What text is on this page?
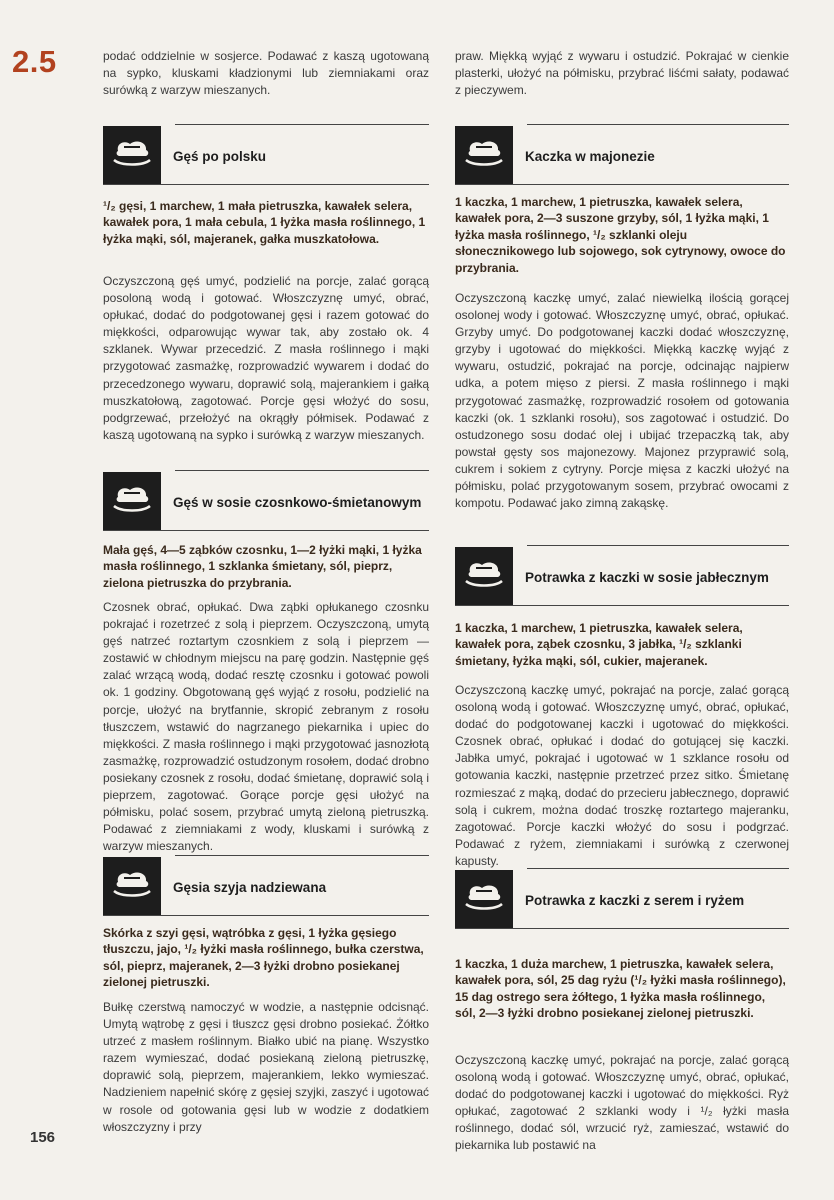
2.5
156

podać oddzielnie w sosjerce. Podawać z kaszą ugotowaną na sypko, kluskami kładzionymi lub ziemniakami oraz surówką z warzyw mieszanych.

Gęś po polsku

¹/₂ gęsi, 1 marchew, 1 mała pietruszka, kawałek selera, kawałek pora, 1 mała cebula, 1 łyżka masła roślinnego, 1 łyżka mąki, sól, majeranek, gałka muszkatołowa.

Oczyszczoną gęś umyć, podzielić na porcje, zalać gorącą posoloną wodą i gotować. Włoszczyznę umyć, obrać, opłukać, dodać do podgotowanej gęsi i razem gotować do miękkości, odparowując wywar tak, aby zostało ok. 4 szklanek. Wywar przecedzić. Z masła roślinnego i mąki przygotować zasmażkę, rozprowadzić wywarem i dodać do przecedzonego wywaru, doprawić solą, majerankiem i gałką muszkatołową, zagotować. Porcje gęsi włożyć do sosu, podgrzewać, przełożyć na okrągły półmisek. Podawać z kaszą ugotowaną na sypko i surówką z warzyw mieszanych.

Gęś w sosie czosnkowo-śmietanowym

Mała gęś, 4—5 ząbków czosnku, 1—2 łyżki mąki, 1 łyżka masła roślinnego, 1 szklanka śmietany, sól, pieprz, zielona pietruszka do przybrania.

Czosnek obrać, opłukać. Dwa ząbki opłukanego czosnku pokrajać i rozetrzeć z solą i pieprzem. Oczyszczoną, umytą gęś natrzeć roztartym czosnkiem z solą i pieprzem — zostawić w chłodnym miejscu na parę godzin. Następnie gęś zalać wrzącą wodą, dodać resztę czosnku i gotować powoli ok. 1 godziny. Obgotowaną gęś wyjąć z rosołu, podzielić na porcje, ułożyć na brytfannie, skropić zebranym z rosołu tłuszczem, wstawić do nagrzanego piekarnika i upiec do miękkości. Z masła roślinnego i mąki przygotować jasnozłotą zasmażkę, rozprowadzić ostudzonym rosołem, dodać drobno posiekany czosnek z rosołu, dodać śmietanę, doprawić solą i pieprzem, zagotować. Gorące porcje gęsi ułożyć na półmisku, polać sosem, przybrać umytą zieloną pietruszką. Podawać z ziemniakami z wody, kluskami i surówką z warzyw mieszanych.

Gęsia szyja nadziewana

Skórka z szyi gęsi, wątróbka z gęsi, 1 łyżka gęsiego tłuszczu, jajo, ¹/₂ łyżki masła roślinnego, bułka czerstwa, sól, pieprz, majeranek, 2—3 łyżki drobno posiekanej zielonej pietruszki.

Bułkę czerstwą namoczyć w wodzie, a następnie odcisnąć. Umytą wątrobę z gęsi i tłuszcz gęsi drobno posiekać. Żółtko utrzeć z masłem roślinnym. Białko ubić na pianę. Wszystko razem wymieszać, dodać posiekaną zieloną pietruszkę, doprawić solą, pieprzem, majerankiem, lekko wymieszać. Nadzieniem napełnić skórę z gęsiej szyjki, zaszyć i ugotować w rosole od gotowania gęsi lub w wodzie z dodatkiem włoszczyzny i przy

praw. Miękką wyjąć z wywaru i ostudzić. Pokrajać w cienkie plasterki, ułożyć na półmisku, przybrać liśćmi sałaty, podawać z pieczywem.

Kaczka w majonezie

1 kaczka, 1 marchew, 1 pietruszka, kawałek selera, kawałek pora, 2—3 suszone grzyby, sól, 1 łyżka mąki, 1 łyżka masła roślinnego, ¹/₂ szklanki oleju słonecznikowego lub sojowego, sok cytrynowy, owoce do przybrania.

Oczyszczoną kaczkę umyć, zalać niewielką ilością gorącej osolonej wody i gotować. Włoszczyznę umyć, obrać, opłukać. Grzyby umyć. Do podgotowanej kaczki dodać włoszczyznę, grzyby i ugotować do miękkości. Miękką kaczkę wyjąć z wywaru, ostudzić, pokrajać na porcje, odcinając najpierw udka, a potem mięso z piersi. Z masła roślinnego i mąki przygotować zasmażkę, rozprowadzić rosołem od gotowania kaczki (ok. 1 szklanki rosołu), sos zagotować i ostudzić. Do ostudzonego sosu dodać olej i ubijać trzepaczką tak, aby powstał gęsty sos majonezowy. Majonez przyprawić solą, cukrem i sokiem z cytryny. Porcje mięsa z kaczki ułożyć na półmisku, polać przygotowanym sosem, przybrać owocami z kompotu. Podawać jako zimną zakąskę.

Potrawka z kaczki w sosie jabłecznym

1 kaczka, 1 marchew, 1 pietruszka, kawałek selera, kawałek pora, ząbek czosnku, 3 jabłka, ¹/₂ szklanki śmietany, łyżka mąki, sól, cukier, majeranek.

Oczyszczoną kaczkę umyć, pokrajać na porcje, zalać gorącą osoloną wodą i gotować. Włoszczyznę umyć, obrać, opłukać, dodać do podgotowanej kaczki i ugotować do miękkości. Czosnek obrać, opłukać i dodać do gotującej się kaczki. Jabłka umyć, pokrajać i ugotować w 1 szklance rosołu od gotowania kaczki, następnie przetrzeć przez sitko. Śmietanę rozmieszać z mąką, dodać do przecieru jabłecznego, doprawić solą i cukrem, można dodać troszkę roztartego majeranku, zagotować. Porcje kaczki włożyć do sosu i podgrzać. Podawać z ryżem, ziemniakami i surówką z czerwonej kapusty.

Potrawka z kaczki z serem i ryżem

1 kaczka, 1 duża marchew, 1 pietruszka, kawałek selera, kawałek pora, sól, 25 dag ryżu (¹/₂ łyżki masła roślinnego), 15 dag ostrego sera żółtego, 1 łyżka masła roślinnego, sól, 2—3 łyżki drobno posiekanej zielonej pietruszki.

Oczyszczoną kaczkę umyć, pokrajać na porcje, zalać gorącą osoloną wodą i gotować. Włoszczyznę umyć, obrać, opłukać, dodać do podgotowanej kaczki i ugotować do miękkości. Ryż opłukać, zagotować 2 szklanki wody i ¹/₂ łyżki masła roślinnego, dodać sól, wrzucić ryż, zamieszać, wstawić do piekarnika lub postawić na
